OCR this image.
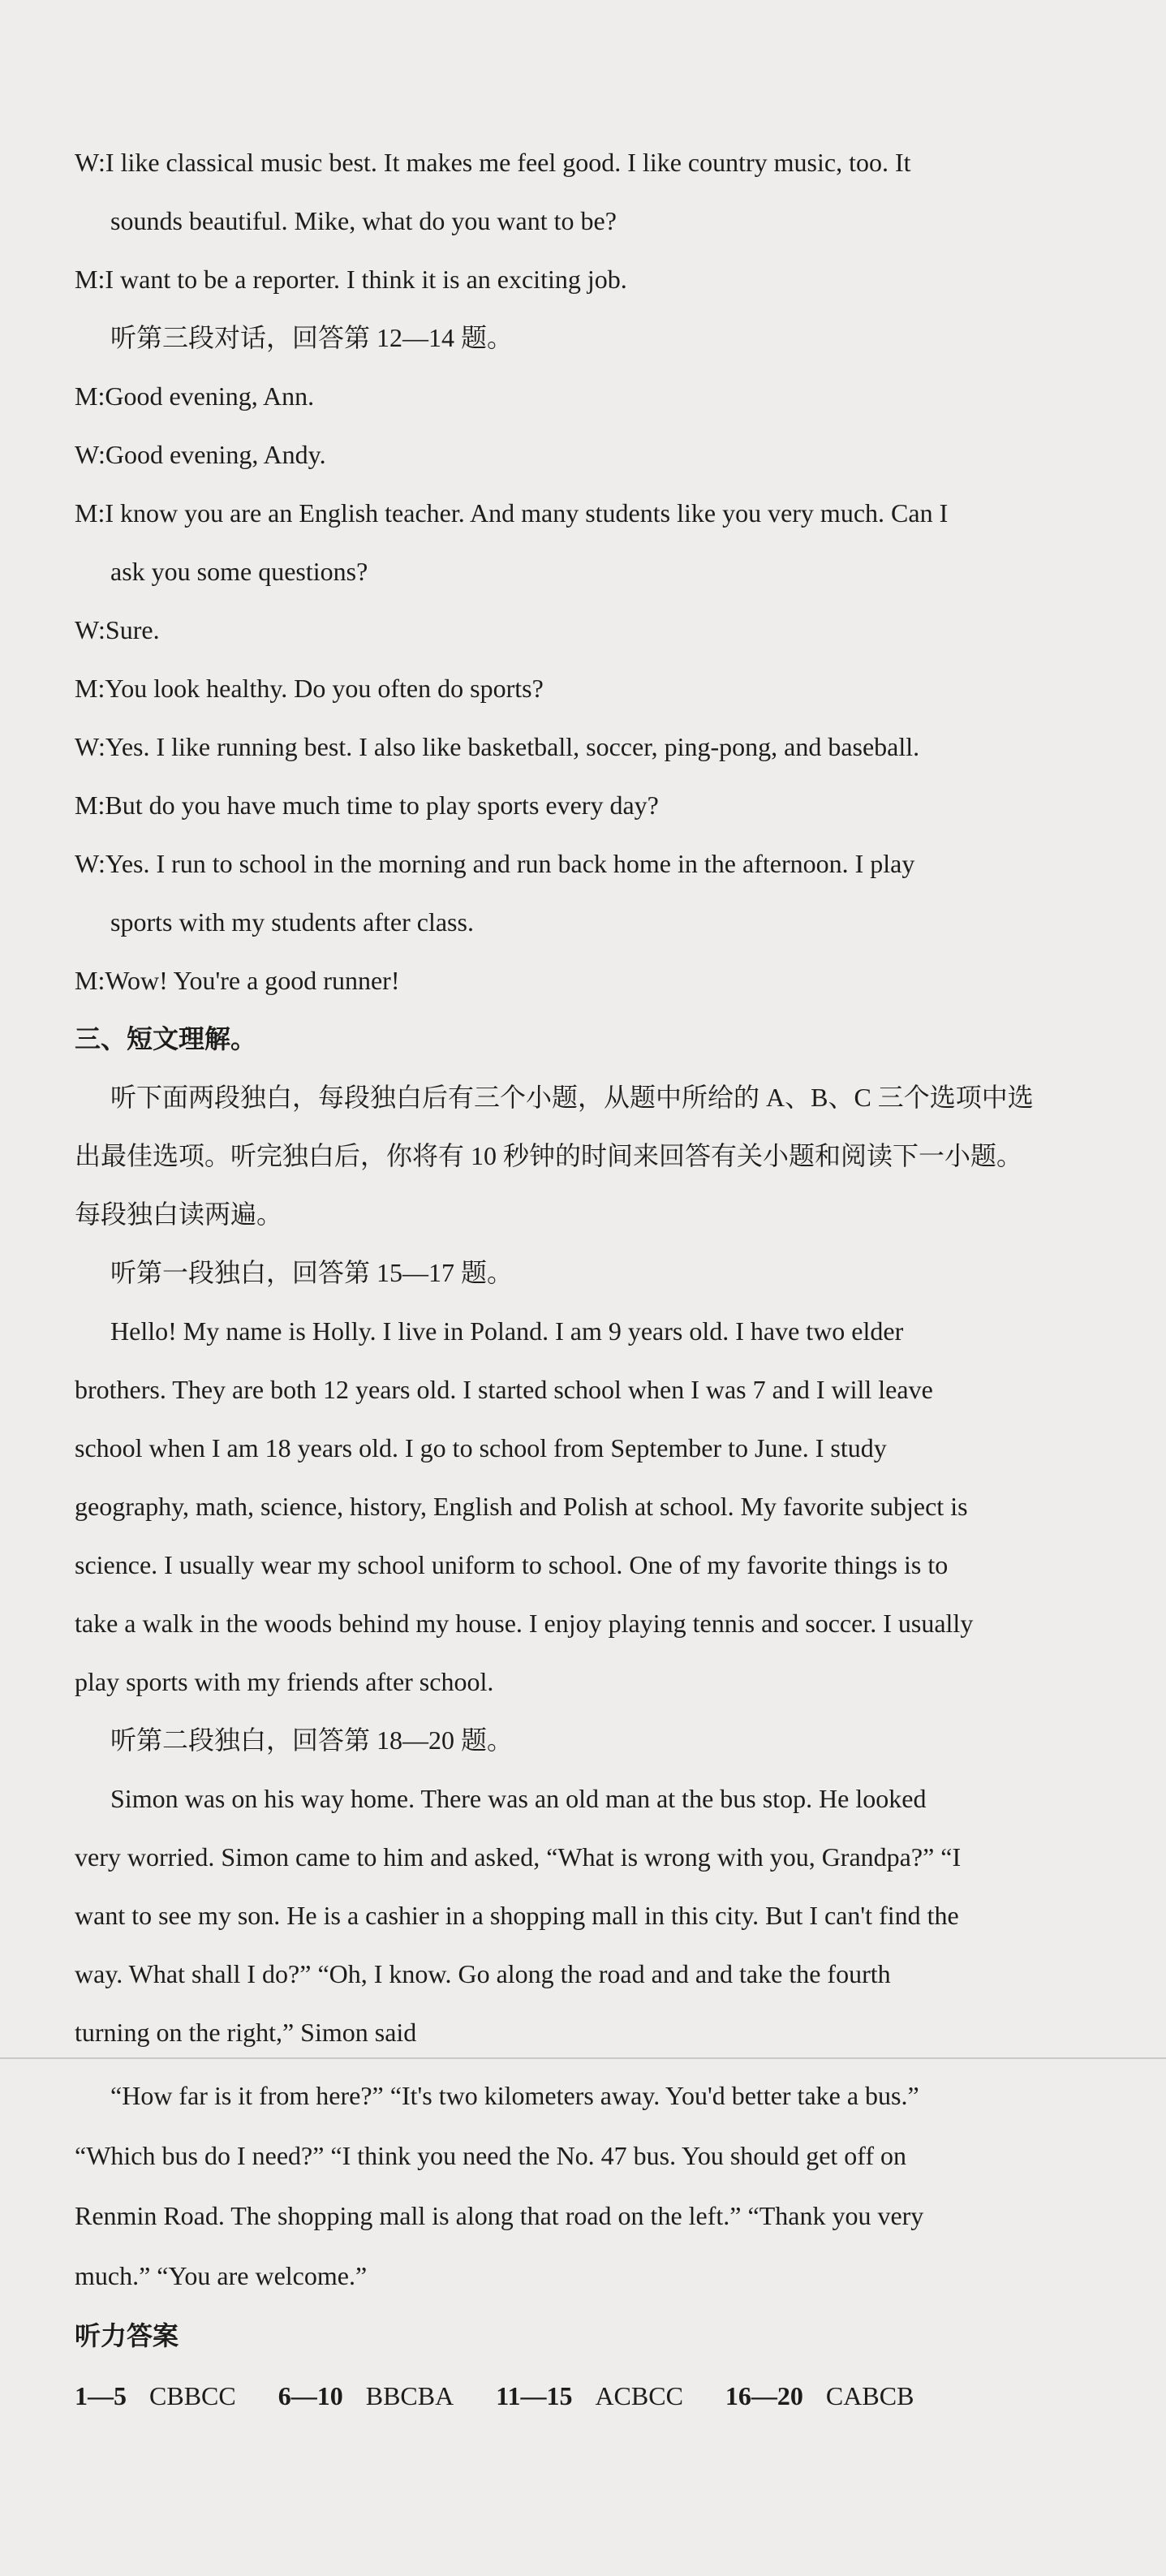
W:I like classical music best. It makes me feel good. I like country music, too. It
sounds beautiful. Mike, what do you want to be?
M:I want to be a reporter. I think it is an exciting job.
听第三段对话，回答第 12—14 题。
M:Good evening, Ann.
W:Good evening, Andy.
M:I know you are an English teacher. And many students like you very much. Can I
ask you some questions?
W:Sure.
M:You look healthy. Do you often do sports?
W:Yes. I like running best. I also like basketball, soccer, ping-pong, and baseball.
M:But do you have much time to play sports every day?
W:Yes. I run to school in the morning and run back home in the afternoon. I play
sports with my students after class.
M:Wow! You're a good runner!
三、短文理解。
听下面两段独白，每段独白后有三个小题，从题中所给的 A、B、C 三个选项中选
出最佳选项。听完独白后，你将有 10 秒钟的时间来回答有关小题和阅读下一小题。
每段独白读两遍。
听第一段独白，回答第 15—17 题。
Hello! My name is Holly. I live in Poland. I am 9 years old. I have two elder
brothers. They are both 12 years old. I started school when I was 7 and I will leave
school when I am 18 years old. I go to school from September to June. I study
geography, math, science, history, English and Polish at school. My favorite subject is
science. I usually wear my school uniform to school. One of my favorite things is to
take a walk in the woods behind my house. I enjoy playing tennis and soccer. I usually
play sports with my friends after school.
听第二段独白，回答第 18—20 题。
Simon was on his way home. There was an old man at the bus stop. He looked
very worried. Simon came to him and asked, “What is wrong with you, Grandpa?” “I
want to see my son. He is a cashier in a shopping mall in this city. But I can't find the
way. What shall I do?” “Oh, I know. Go along the road and and take the fourth
turning on the right,” Simon said
“How far is it from here?” “It's two kilometers away. You'd better take a bus.”
“Which bus do I need?” “I think you need the No. 47 bus. You should get off on
Renmin Road. The shopping mall is along that road on the left.” “Thank you very
much.” “You are welcome.”
听力答案
1—5 CBBCC 6—10 BBCBA 11—15 ACBCC 16—20 CABCB
